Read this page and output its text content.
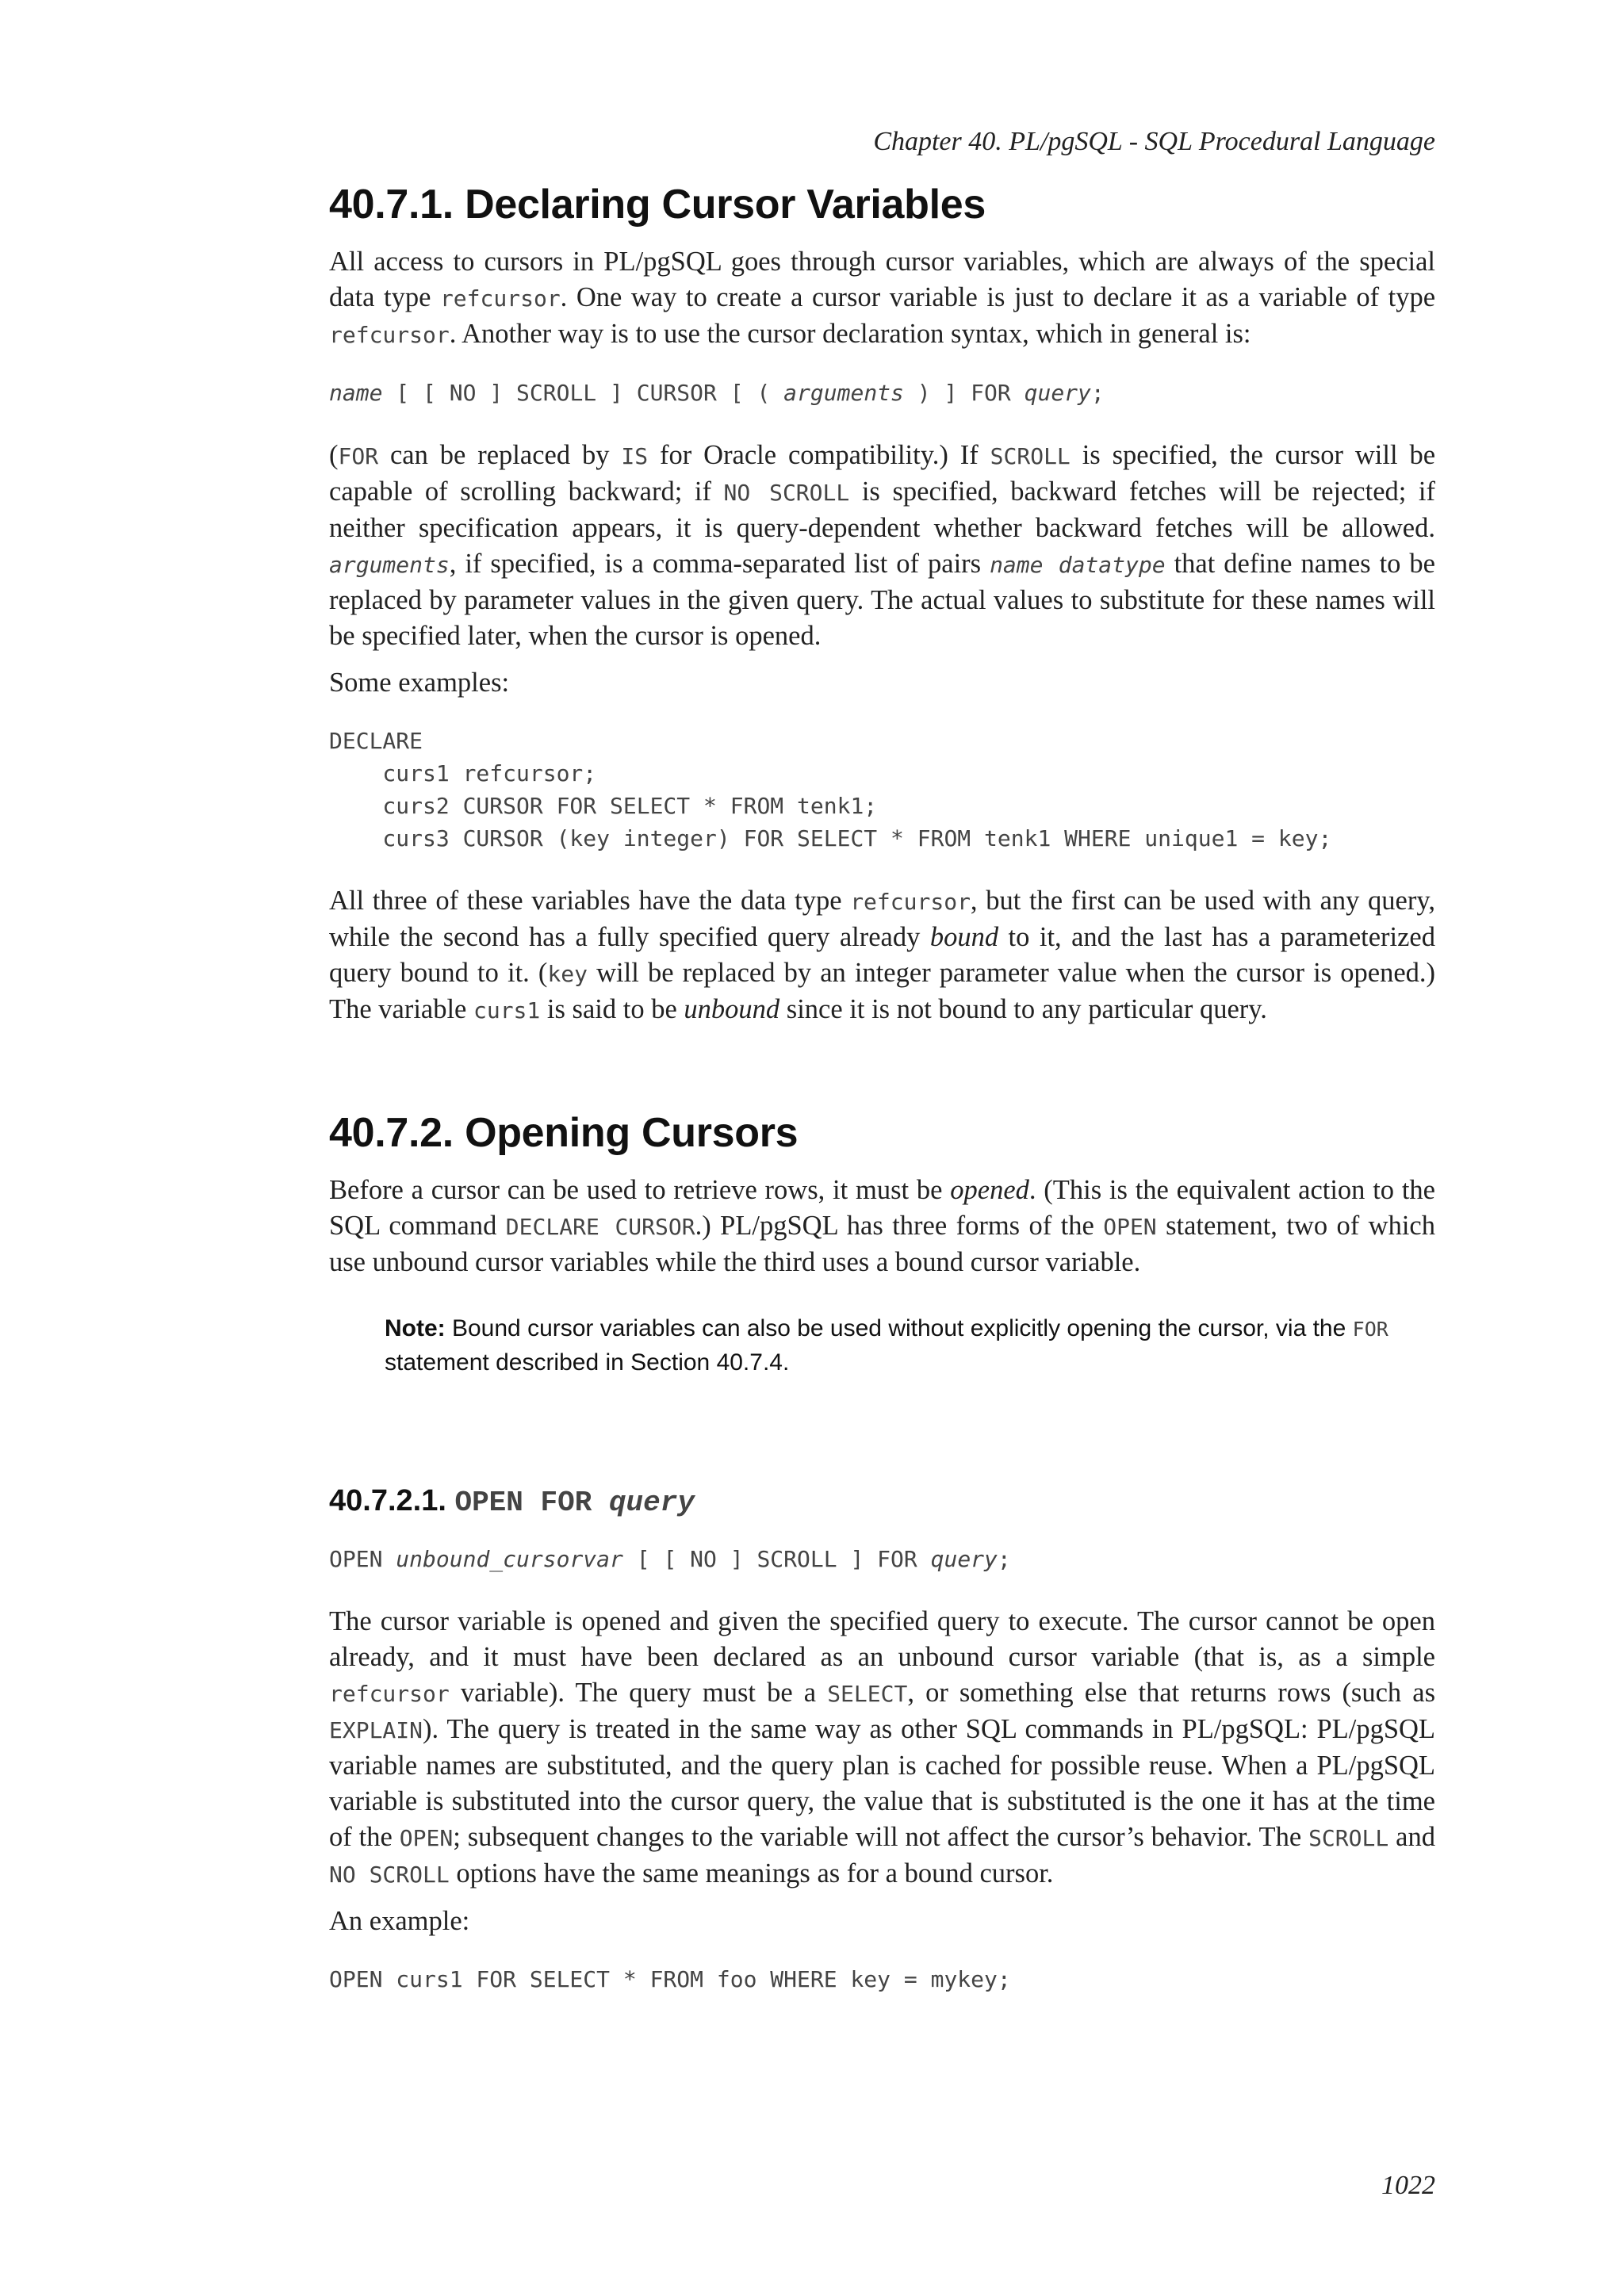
Chapter 40. PL/pgSQL - SQL Procedural Language
40.7.1. Declaring Cursor Variables

All access to cursors in PL/pgSQL goes through cursor variables, which are always of the special data type refcursor. One way to create a cursor variable is just to declare it as a variable of type refcursor. Another way is to use the cursor declaration syntax, which in general is:

name [ [ NO ] SCROLL ] CURSOR [ ( arguments ) ] FOR query;

(FOR can be replaced by IS for Oracle compatibility.) If SCROLL is specified, the cursor will be capable of scrolling backward; if NO SCROLL is specified, backward fetches will be rejected; if neither specification appears, it is query-dependent whether backward fetches will be allowed. arguments, if specified, is a comma-separated list of pairs name datatype that define names to be replaced by parameter values in the given query. The actual values to substitute for these names will be specified later, when the cursor is opened.

Some examples:

DECLARE
curs1 refcursor;
curs2 CURSOR FOR SELECT * FROM tenk1;
curs3 CURSOR (key integer) FOR SELECT * FROM tenk1 WHERE unique1 = key;

All three of these variables have the data type refcursor, but the first can be used with any query, while the second has a fully specified query already bound to it, and the last has a parameterized query bound to it. (key will be replaced by an integer parameter value when the cursor is opened.) The variable curs1 is said to be unbound since it is not bound to any particular query.

40.7.2. Opening Cursors

Before a cursor can be used to retrieve rows, it must be opened. (This is the equivalent action to the SQL command DECLARE CURSOR.) PL/pgSQL has three forms of the OPEN statement, two of which use unbound cursor variables while the third uses a bound cursor variable.

Note: Bound cursor variables can also be used without explicitly opening the cursor, via the FOR statement described in Section 40.7.4.
40.7.2.1. OPEN FOR query
OPEN unbound_cursorvar [ [ NO ] SCROLL ] FOR query;

The cursor variable is opened and given the specified query to execute. The cursor cannot be open already, and it must have been declared as an unbound cursor variable (that is, as a simple refcursor variable). The query must be a SELECT, or something else that returns rows (such as EXPLAIN). The query is treated in the same way as other SQL commands in PL/pgSQL: PL/pgSQL variable names are substituted, and the query plan is cached for possible reuse. When a PL/pgSQL variable is substituted into the cursor query, the value that is substituted is the one it has at the time of the OPEN; subsequent changes to the variable will not affect the cursor’s behavior. The SCROLL and NO SCROLL options have the same meanings as for a bound cursor.

An example:

OPEN curs1 FOR SELECT * FROM foo WHERE key = mykey;
1022
